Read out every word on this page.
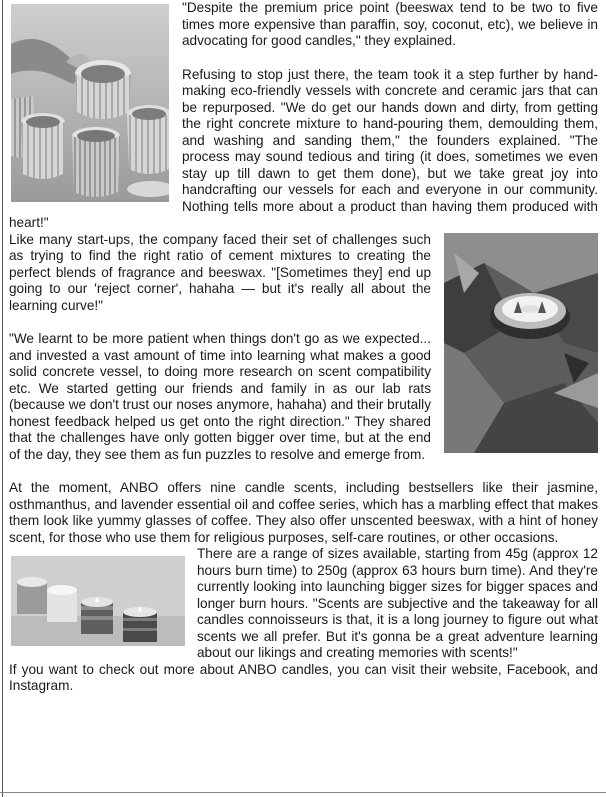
"Despite the premium price point (beeswax tend to be two to five times more expensive than paraffin, soy, coconut, etc), we believe in advocating for good candles," they explained.

Refusing to stop just there, the team took it a step further by hand-making eco-friendly vessels with concrete and ceramic jars that can be repurposed. "We do get our hands down and dirty, from getting the right concrete mixture to hand-pouring them, demoulding them, and washing and sanding them," the founders explained. "The process may sound tedious and tiring (it does, sometimes we even stay up till dawn to get them done), but we take great joy into handcrafting our vessels for each and everyone in our community. Nothing tells more about a product than having them produced with heart!"

Like many start-ups, the company faced their set of challenges such as trying to find the right ratio of cement mixtures to creating the perfect blends of fragrance and beeswax. "[Sometimes they] end up going to our 'reject corner', hahaha — but it's really all about the learning curve!"

"We learnt to be more patient when things don't go as we expected... and invested a vast amount of time into learning what makes a good solid concrete vessel, to doing more research on scent compatibility etc. We started getting our friends and family in as our lab rats (because we don't trust our noses anymore, hahaha) and their brutally honest feedback helped us get onto the right direction." They shared that the challenges have only gotten bigger over time, but at the end of the day, they see them as fun puzzles to resolve and emerge from.

At the moment, ANBO offers nine candle scents, including bestsellers like their jasmine, osthmanthus, and lavender essential oil and coffee series, which has a marbling effect that makes them look like yummy glasses of coffee. They also offer unscented beeswax, with a hint of honey scent, for those who use them for religious purposes, self-care routines, or other occasions.

There are a range of sizes available, starting from 45g (approx 12 hours burn time) to 250g (approx 63 hours burn time). And they're currently looking into launching bigger sizes for bigger spaces and longer burn hours. "Scents are subjective and the takeaway for all candles connoisseurs is that, it is a long journey to figure out what scents we all prefer. But it's gonna be a great adventure learning about our likings and creating memories with scents!"

If you want to check out more about ANBO candles, you can visit their website, Facebook, and Instagram.
